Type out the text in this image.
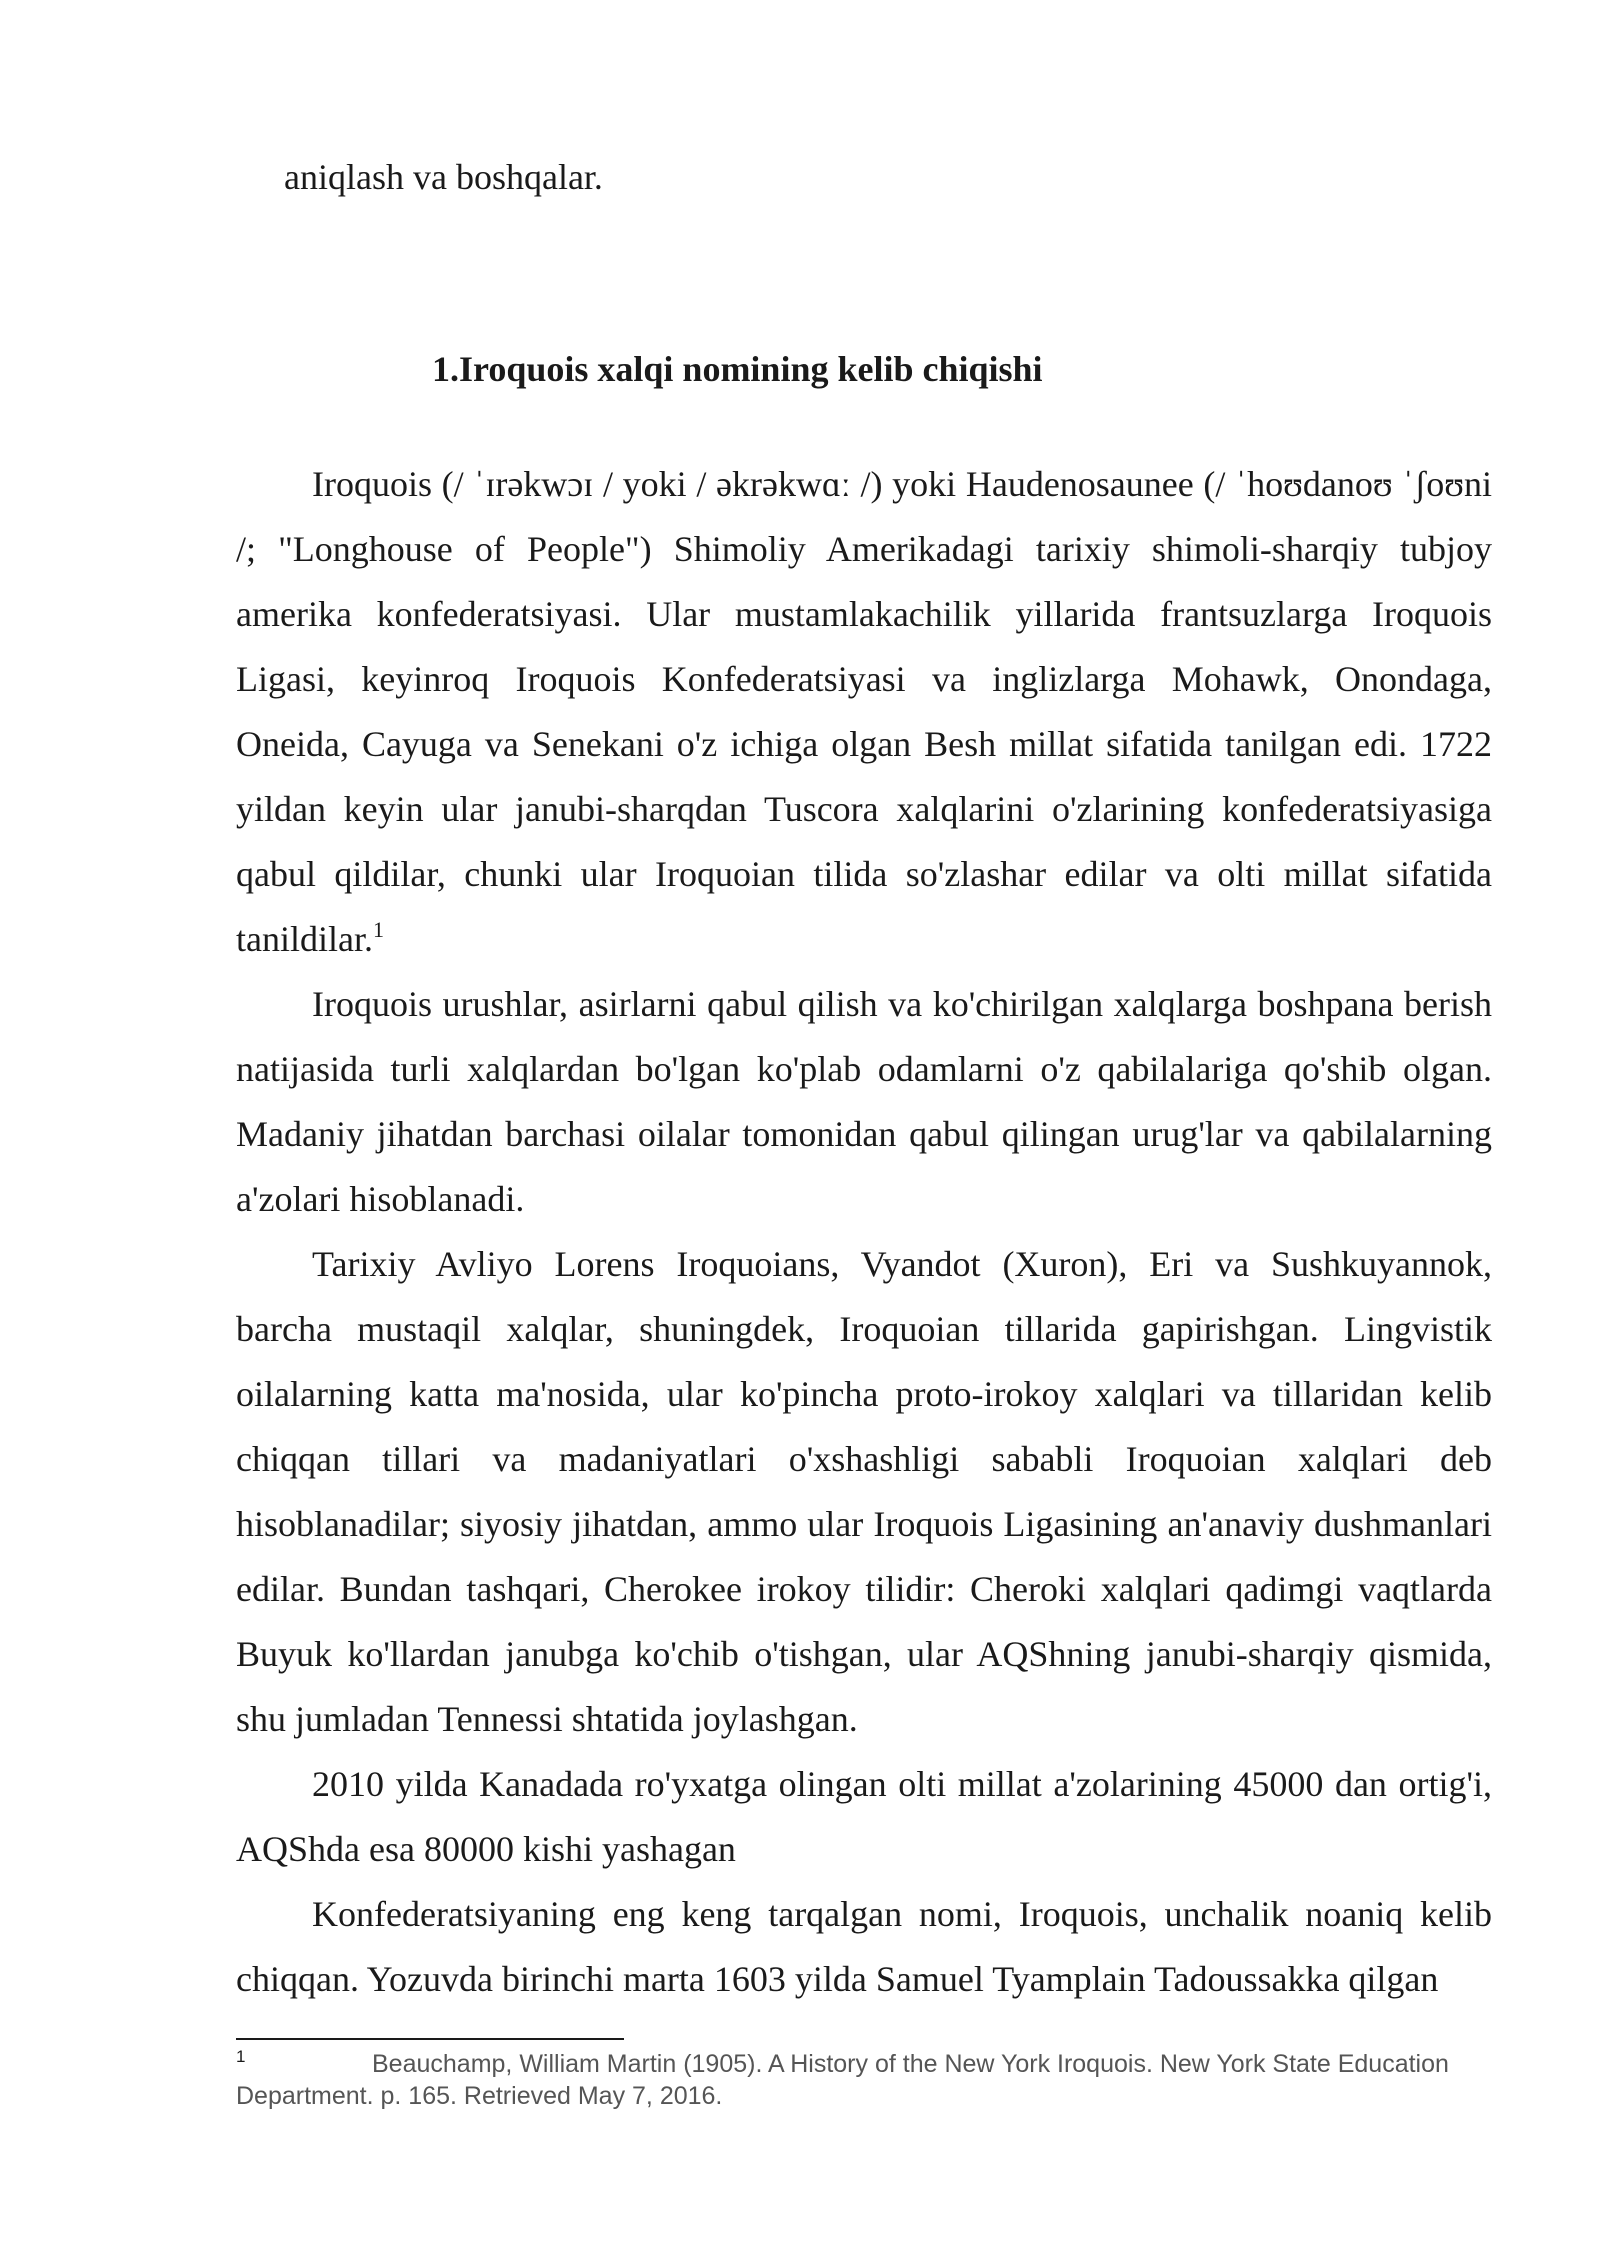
aniqlash va boshqalar.

1.Iroquois xalqi nomining kelib chiqishi

Iroquois (/ ˈɪrəkwɔɪ / yoki / əkrəkwɑː /) yoki Haudenosaunee (/ ˈhoʊdanoʊ ˈʃoʊni /; "Longhouse of People") Shimoliy Amerikadagi tarixiy shimoli-sharqiy tubjoy amerika konfederatsiyasi. Ular mustamlakachilik yillarida frantsuzlarga Iroquois Ligasi, keyinroq Iroquois Konfederatsiyasi va inglizlarga Mohawk, Onondaga, Oneida, Cayuga va Senekani o'z ichiga olgan Besh millat sifatida tanilgan edi. 1722 yildan keyin ular janubi-sharqdan Tuscora xalqlarini o'zlarining konfederatsiyasiga qabul qildilar, chunki ular Iroquoian tilida so'zlashar edilar va olti millat sifatida tanildilar.$^1$

Iroquois urushlar, asirlarni qabul qilish va ko'chirilgan xalqlarga boshpana berish natijasida turli xalqlardan bo'lgan ko'plab odamlarni o'z qabilalariga qo'shib olgan. Madaniy jihatdan barchasi oilalar tomonidan qabul qilingan urug'lar va qabilalarning a'zolari hisoblanadi.

Tarixiy Avliyo Lorens Iroquoians, Vyandot (Xuron), Eri va Sushkuyannok, barcha mustaqil xalqlar, shuningdek, Iroquoian tillarida gapirishgan. Lingvistik oilalarning katta ma'nosida, ular ko'pincha proto-irokoy xalqlari va tillaridan kelib chiqqan tillari va madaniyatlari o'xshashligi sababli Iroquoian xalqlari deb hisoblanadilar; siyosiy jihatdan, ammo ular Iroquois Ligasining an'anaviy dushmanlari edilar. Bundan tashqari, Cherokee irokoy tilidir: Cheroki xalqlari qadimgi vaqtlarda Buyuk ko'llardan janubga ko'chib o'tishgan, ular AQShning janubi-sharqiy qismida, shu jumladan Tennessi shtatida joylashgan.

2010 yilda Kanadada ro'yxatga olingan olti millat a'zolarining 45000 dan ortig'i, AQShda esa 80000 kishi yashagan

Konfederatsiyaning eng keng tarqalgan nomi, Iroquois, unchalik noaniq kelib chiqqan. Yozuvda birinchi marta 1603 yilda Samuel Tyamplain Tadoussakka qilgan

1	Beauchamp, William Martin (1905). A History of the New York Iroquois. New York State Education Department. p. 165. Retrieved May 7, 2016.
